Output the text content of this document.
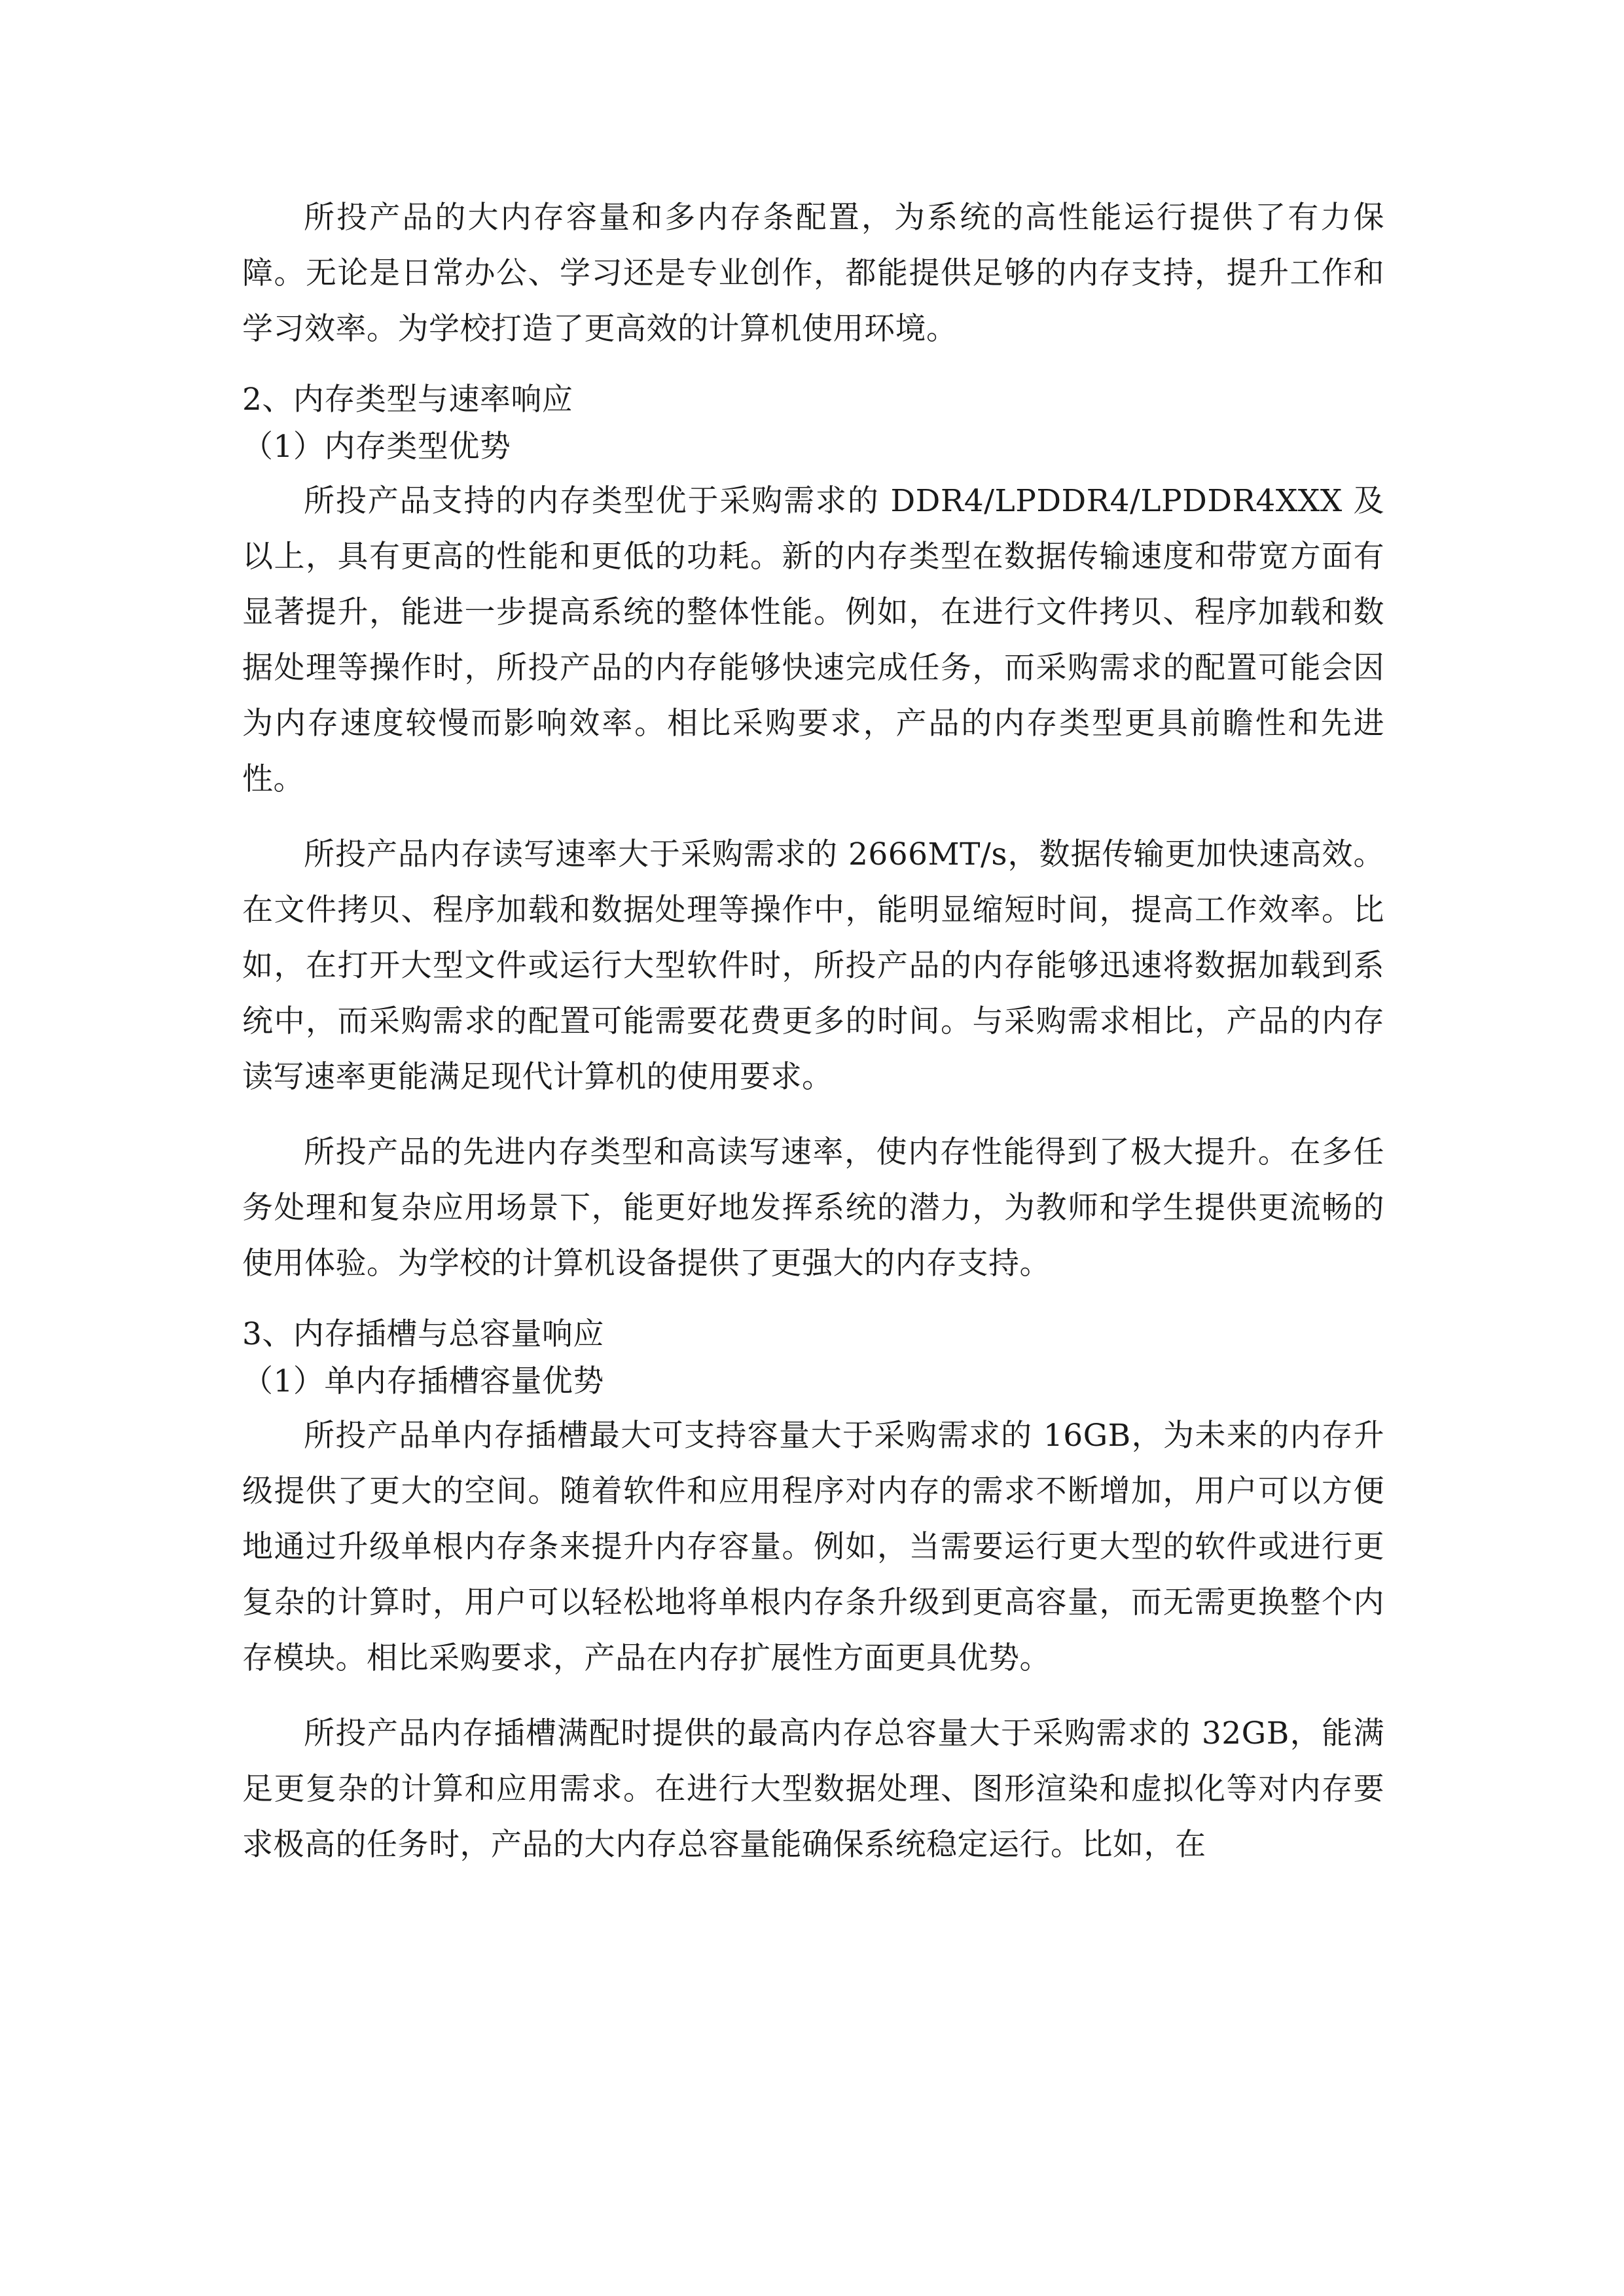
所投产品的大内存容量和多内存条配置，为系统的高性能运行提供了有力保障。无论是日常办公、学习还是专业创作，都能提供足够的内存支持，提升工作和学习效率。为学校打造了更高效的计算机使用环境。

2、内存类型与速率响应

（1）内存类型优势

所投产品支持的内存类型优于采购需求的 DDR4/LPDDR4/LPDDR4XXX 及以上，具有更高的性能和更低的功耗。新的内存类型在数据传输速度和带宽方面有显著提升，能进一步提高系统的整体性能。例如，在进行文件拷贝、程序加载和数据处理等操作时，所投产品的内存能够快速完成任务，而采购需求的配置可能会因为内存速度较慢而影响效率。相比采购要求，产品的内存类型更具前瞻性和先进性。

所投产品内存读写速率大于采购需求的 2666MT/s，数据传输更加快速高效。在文件拷贝、程序加载和数据处理等操作中，能明显缩短时间，提高工作效率。比如，在打开大型文件或运行大型软件时，所投产品的内存能够迅速将数据加载到系统中，而采购需求的配置可能需要花费更多的时间。与采购需求相比，产品的内存读写速率更能满足现代计算机的使用要求。

所投产品的先进内存类型和高读写速率，使内存性能得到了极大提升。在多任务处理和复杂应用场景下，能更好地发挥系统的潜力，为教师和学生提供更流畅的使用体验。为学校的计算机设备提供了更强大的内存支持。

3、内存插槽与总容量响应

（1）单内存插槽容量优势

所投产品单内存插槽最大可支持容量大于采购需求的 16GB，为未来的内存升级提供了更大的空间。随着软件和应用程序对内存的需求不断增加，用户可以方便地通过升级单根内存条来提升内存容量。例如，当需要运行更大型的软件或进行更复杂的计算时，用户可以轻松地将单根内存条升级到更高容量，而无需更换整个内存模块。相比采购要求，产品在内存扩展性方面更具优势。

所投产品内存插槽满配时提供的最高内存总容量大于采购需求的 32GB，能满足更复杂的计算和应用需求。在进行大型数据处理、图形渲染和虚拟化等对内存要求极高的任务时，产品的大内存总容量能确保系统稳定运行。比如，在
